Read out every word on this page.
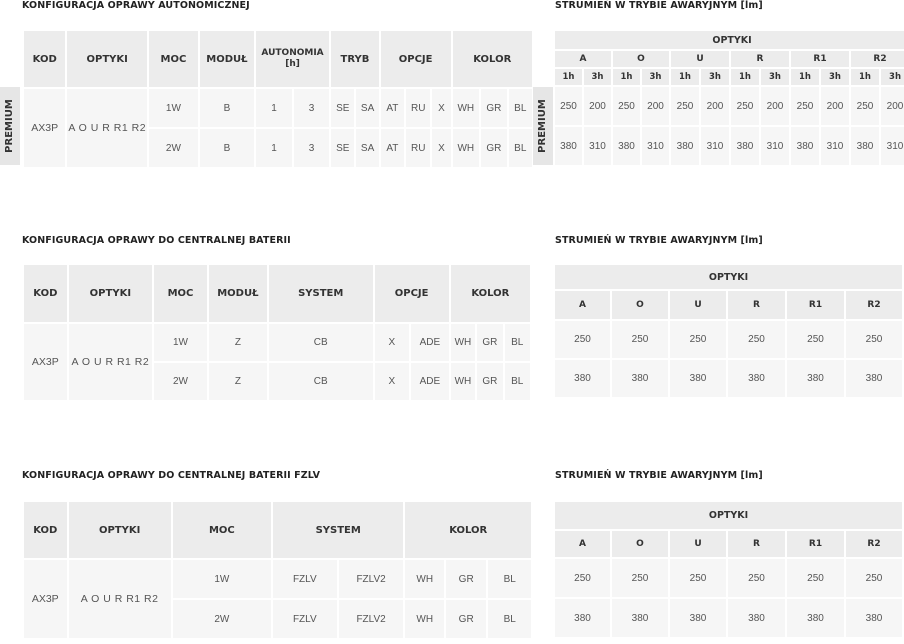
KONFIGURACJA OPRAWY AUTONOMICZNEJ	STRUMIEŃ W TRYBIE AWARYJNYM [lm]
PREMIUM
KOD	OPTYKI	MOC	MODUŁ	AUTONOMIA [h]		TRYB		OPCJE			KOLOR		
AX3P	A O U R R1 R2	1W	B	1	3	SE	SA	AT	RU	X	WH	GR	BL
		2W	B	1	3	SE	SA	AT	RU	X	WH	GR	BL PREMIUM
OPTYKI											
A		O		U		R		R1		R2	
1h	3h	1h	3h	1h	3h	1h	3h	1h	3h	1h	3h
250	200	250	200	250	200	250	200	250	200	250	200
380	310	380	310	380	310	380	310	380	310	380	310
KONFIGURACJA OPRAWY DO CENTRALNEJ BATERII	STRUMIEŃ W TRYBIE AWARYJNYM [lm]
KOD	OPTYKI	MOC	MODUŁ	SYSTEM	OPCJE		KOLOR		
AX3P	A O U R R1 R2	1W	Z	CB	X	ADE	WH	GR	BL
		2W	Z	CB	X	ADE	WH	GR	BL
OPTYKI					
A	O	U	R	R1	R2
250	250	250	250	250	250
380	380	380	380	380	380
KONFIGURACJA OPRAWY DO CENTRALNEJ BATERII FZLV	STRUMIEŃ W TRYBIE AWARYJNYM [lm]
KOD	OPTYKI	MOC	SYSTEM		KOLOR		
AX3P	A O U R R1 R2	1W	FZLV	FZLV2	WH	GR	BL
		2W	FZLV	FZLV2	WH	GR	BL
OPTYKI					
A	O	U	R	R1	R2
250	250	250	250	250	250
380	380	380	380	380	380
